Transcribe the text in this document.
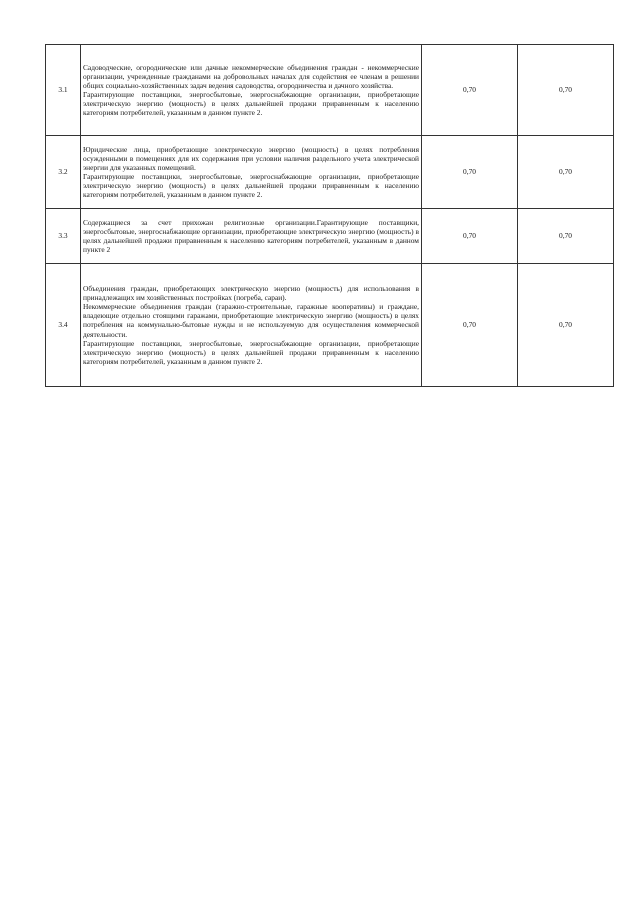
3.1	Садоводческие, огороднические или дачные некоммерческие объединения граждан - некоммерческие организации, учрежденные гражданами на добровольных началах для содействия ее членам в решении общих социально-хозяйственных задач ведения садоводства, огородничества и дачного хозяйства.
Гарантирующие поставщики, энергосбытовые, энергоснабжающие организации, приобретающие электрическую энергию (мощность) в целях дальнейшей продажи приравненным к населению категориям потребителей, указанным в данном пункте 2.	0,70	0,70
3.2	Юридические лица, приобретающие электрическую энергию (мощность) в целях потребления осужденными в помещениях для их содержания при условии наличия раздельного учета электрической энергии для указанных помещений.
Гарантирующие поставщики, энергосбытовые, энергоснабжающие организации, приобретающие электрическую энергию (мощность) в целях дальнейшей продажи приравненным к населению категориям потребителей, указанным в данном пункте 2.	0,70	0,70
3.3	Содержащиеся за счет прихожан религиозные организации.Гарантирующие поставщики, энергосбытовые, энергоснабжающие организации, приобретающие электрическую энергию (мощность) в целях дальнейшей продажи приравненным к населению категориям потребителей, указанным в данном пункте 2	0,70	0,70
3.4	Объединения граждан, приобретающих электрическую энергию (мощность) для использования в принадлежащих им хозяйственных постройках (погреба, сараи).
Некоммерческие объединения граждан (гаражно-строительные, гаражные кооперативы) и граждане, владеющие отдельно стоящими гаражами, приобретающие электрическую энергию (мощность) в целях потребления на коммунально-бытовые нужды и не используемую для осуществления коммерческой деятельности.
Гарантирующие поставщики, энергосбытовые, энергоснабжающие организации, приобретающие электрическую энергию (мощность) в целях дальнейшей продажи приравненным к населению категориям потребителей, указанным в данном пункте 2.	0,70	0,70
